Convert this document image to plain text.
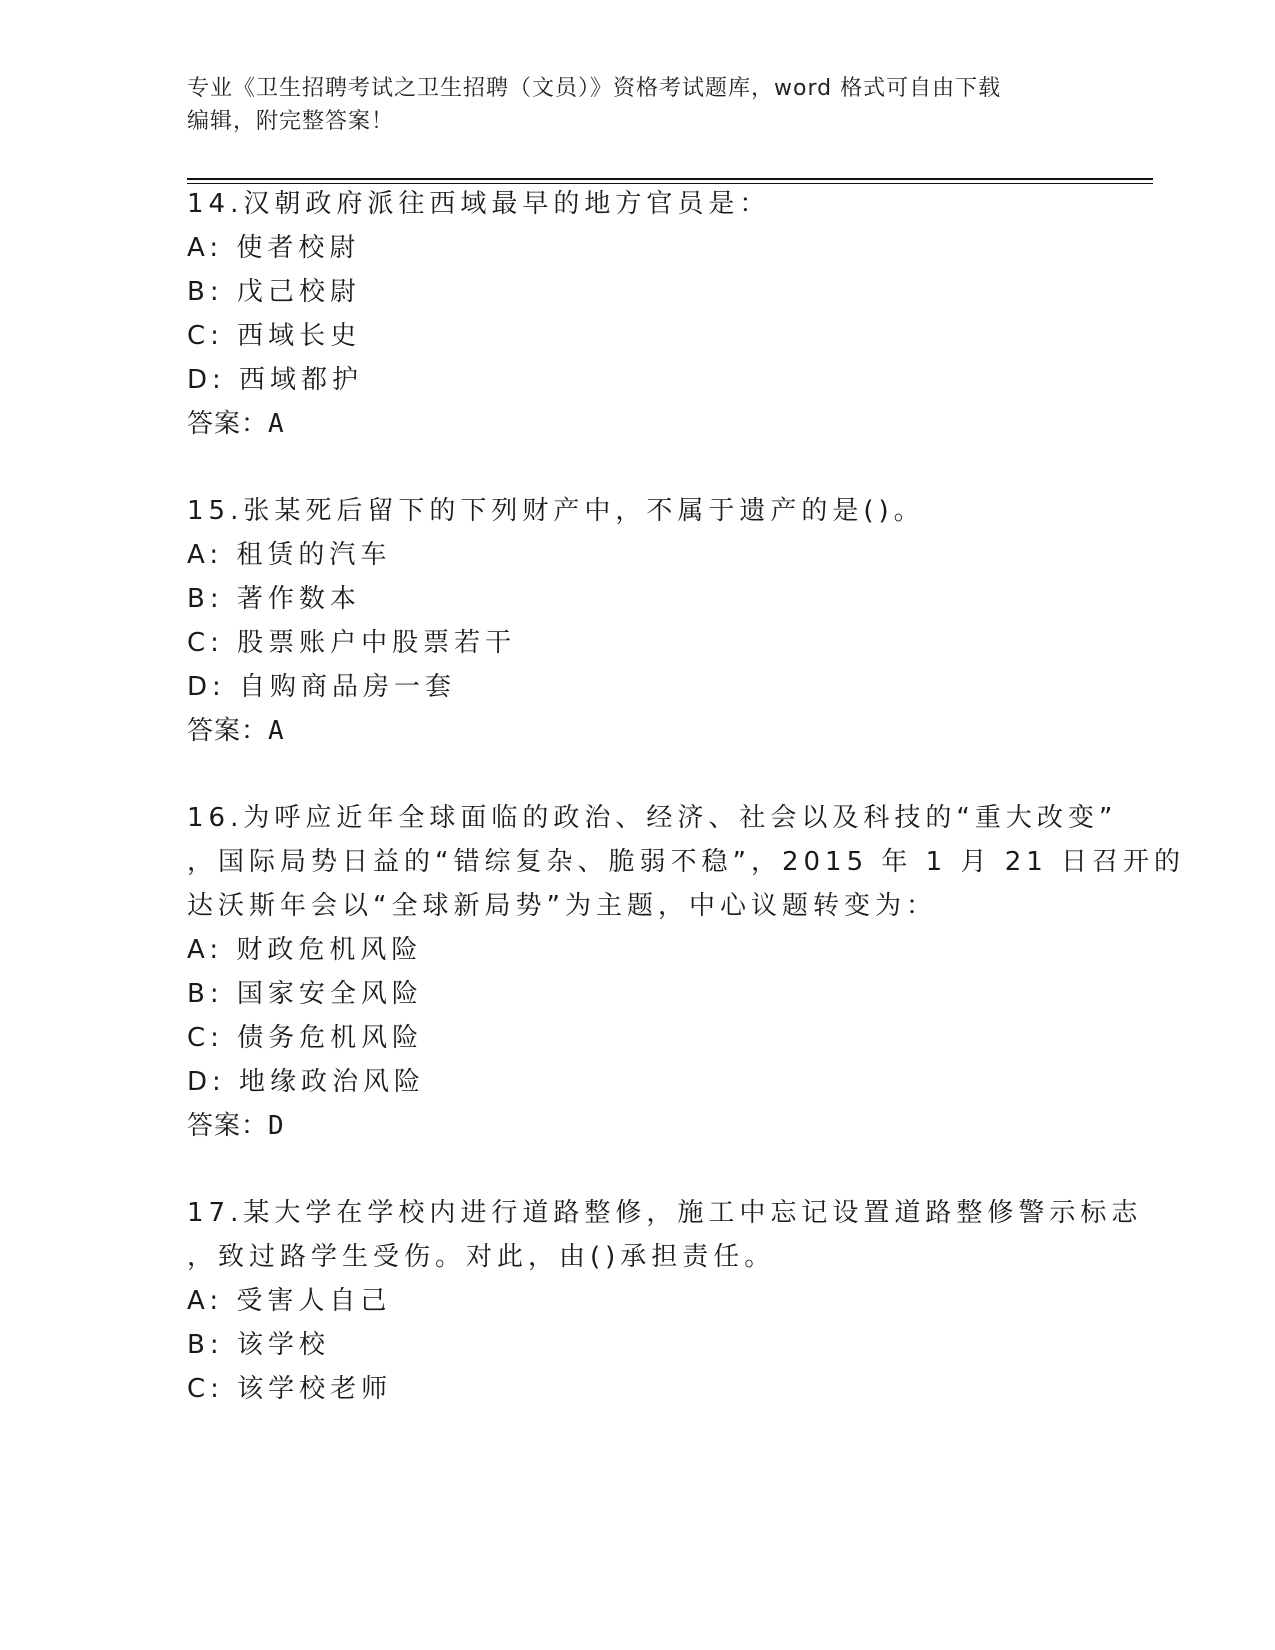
专业《卫生招聘考试之卫生招聘（文员）》资格考试题库，word 格式可自由下载
编辑，附完整答案！
14.汉朝政府派往西域最早的地方官员是：
A: 使者校尉
B: 戊己校尉
C: 西域长史
D: 西域都护
答案：A
15.张某死后留下的下列财产中，不属于遗产的是()。
A: 租赁的汽车
B: 著作数本
C: 股票账户中股票若干
D: 自购商品房一套
答案：A
16.为呼应近年全球面临的政治、经济、社会以及科技的“重大改变”
，国际局势日益的“错综复杂、脆弱不稳”，2015 年 1 月 21 日召开的
达沃斯年会以“全球新局势”为主题，中心议题转变为：
A: 财政危机风险
B: 国家安全风险
C: 债务危机风险
D: 地缘政治风险
答案：D
17.某大学在学校内进行道路整修，施工中忘记设置道路整修警示标志
，致过路学生受伤。对此，由()承担责任。
A: 受害人自己
B: 该学校
C: 该学校老师
